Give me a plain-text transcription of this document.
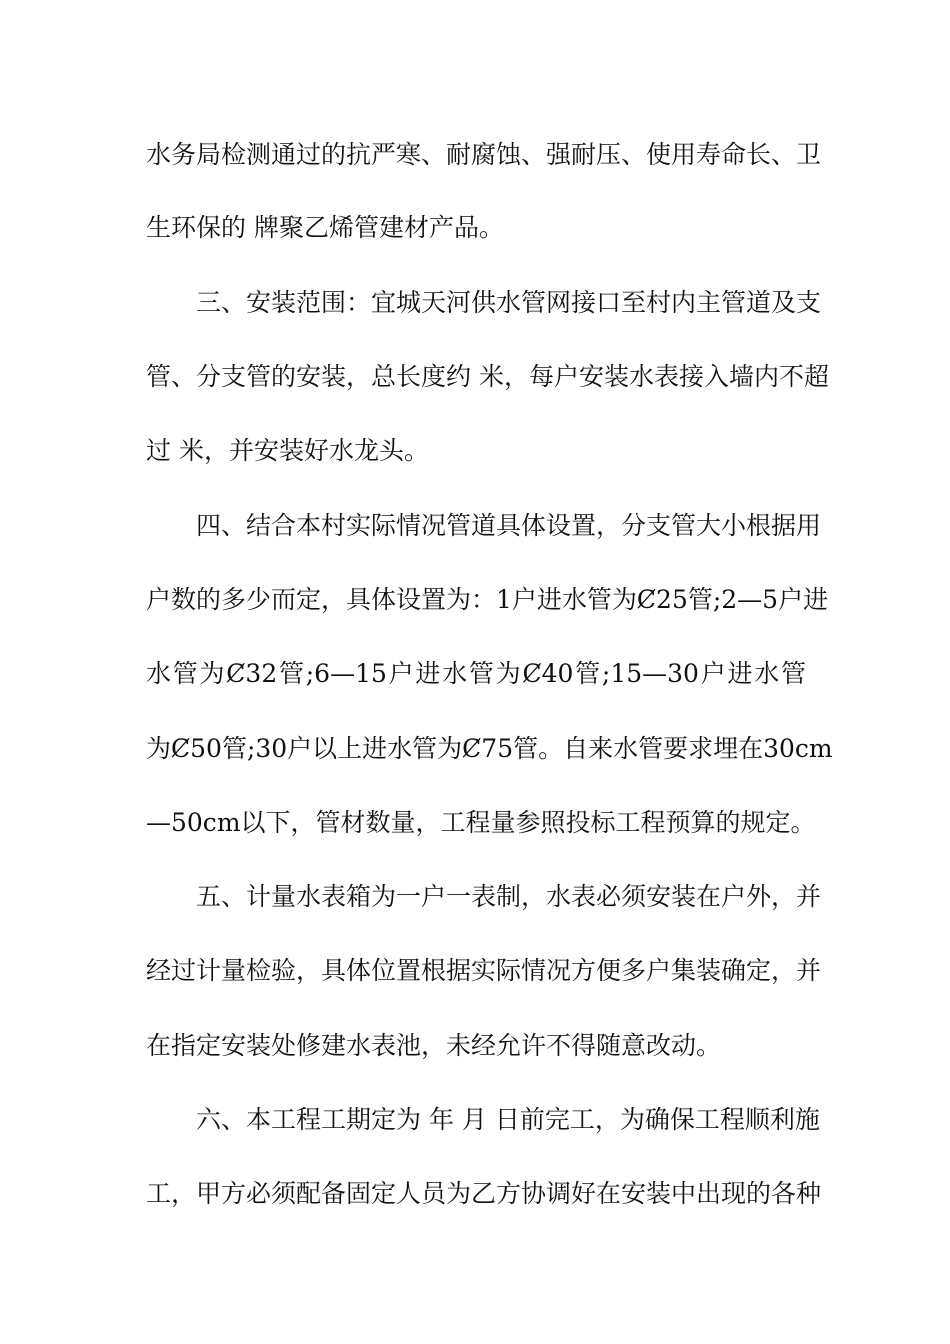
水务局检测通过的抗严寒、耐腐蚀、强耐压、使用寿命长、卫
生环保的 牌聚乙烯管建材产品。
三、安装范围：宜城天河供水管网接口至村内主管道及支
管、分支管的安装，总长度约 米，每户安装水表接入墙内不超
过 米，并安装好水龙头。
四、结合本村实际情况管道具体设置，分支管大小根据用
户数的多少而定，具体设置为：1户进水管为Ȼ25管;2—5户进
水管为Ȼ32管;6—15户进水管为Ȼ40管;15—30户进水管
为Ȼ50管;30户以上进水管为Ȼ75管。自来水管要求埋在30cm
—50cm以下，管材数量，工程量参照投标工程预算的规定。
五、计量水表箱为一户一表制，水表必须安装在户外，并
经过计量检验，具体位置根据实际情况方便多户集装确定，并
在指定安装处修建水表池，未经允许不得随意改动。
六、本工程工期定为 年 月 日前完工，为确保工程顺利施
工，甲方必须配备固定人员为乙方协调好在安装中出现的各种
